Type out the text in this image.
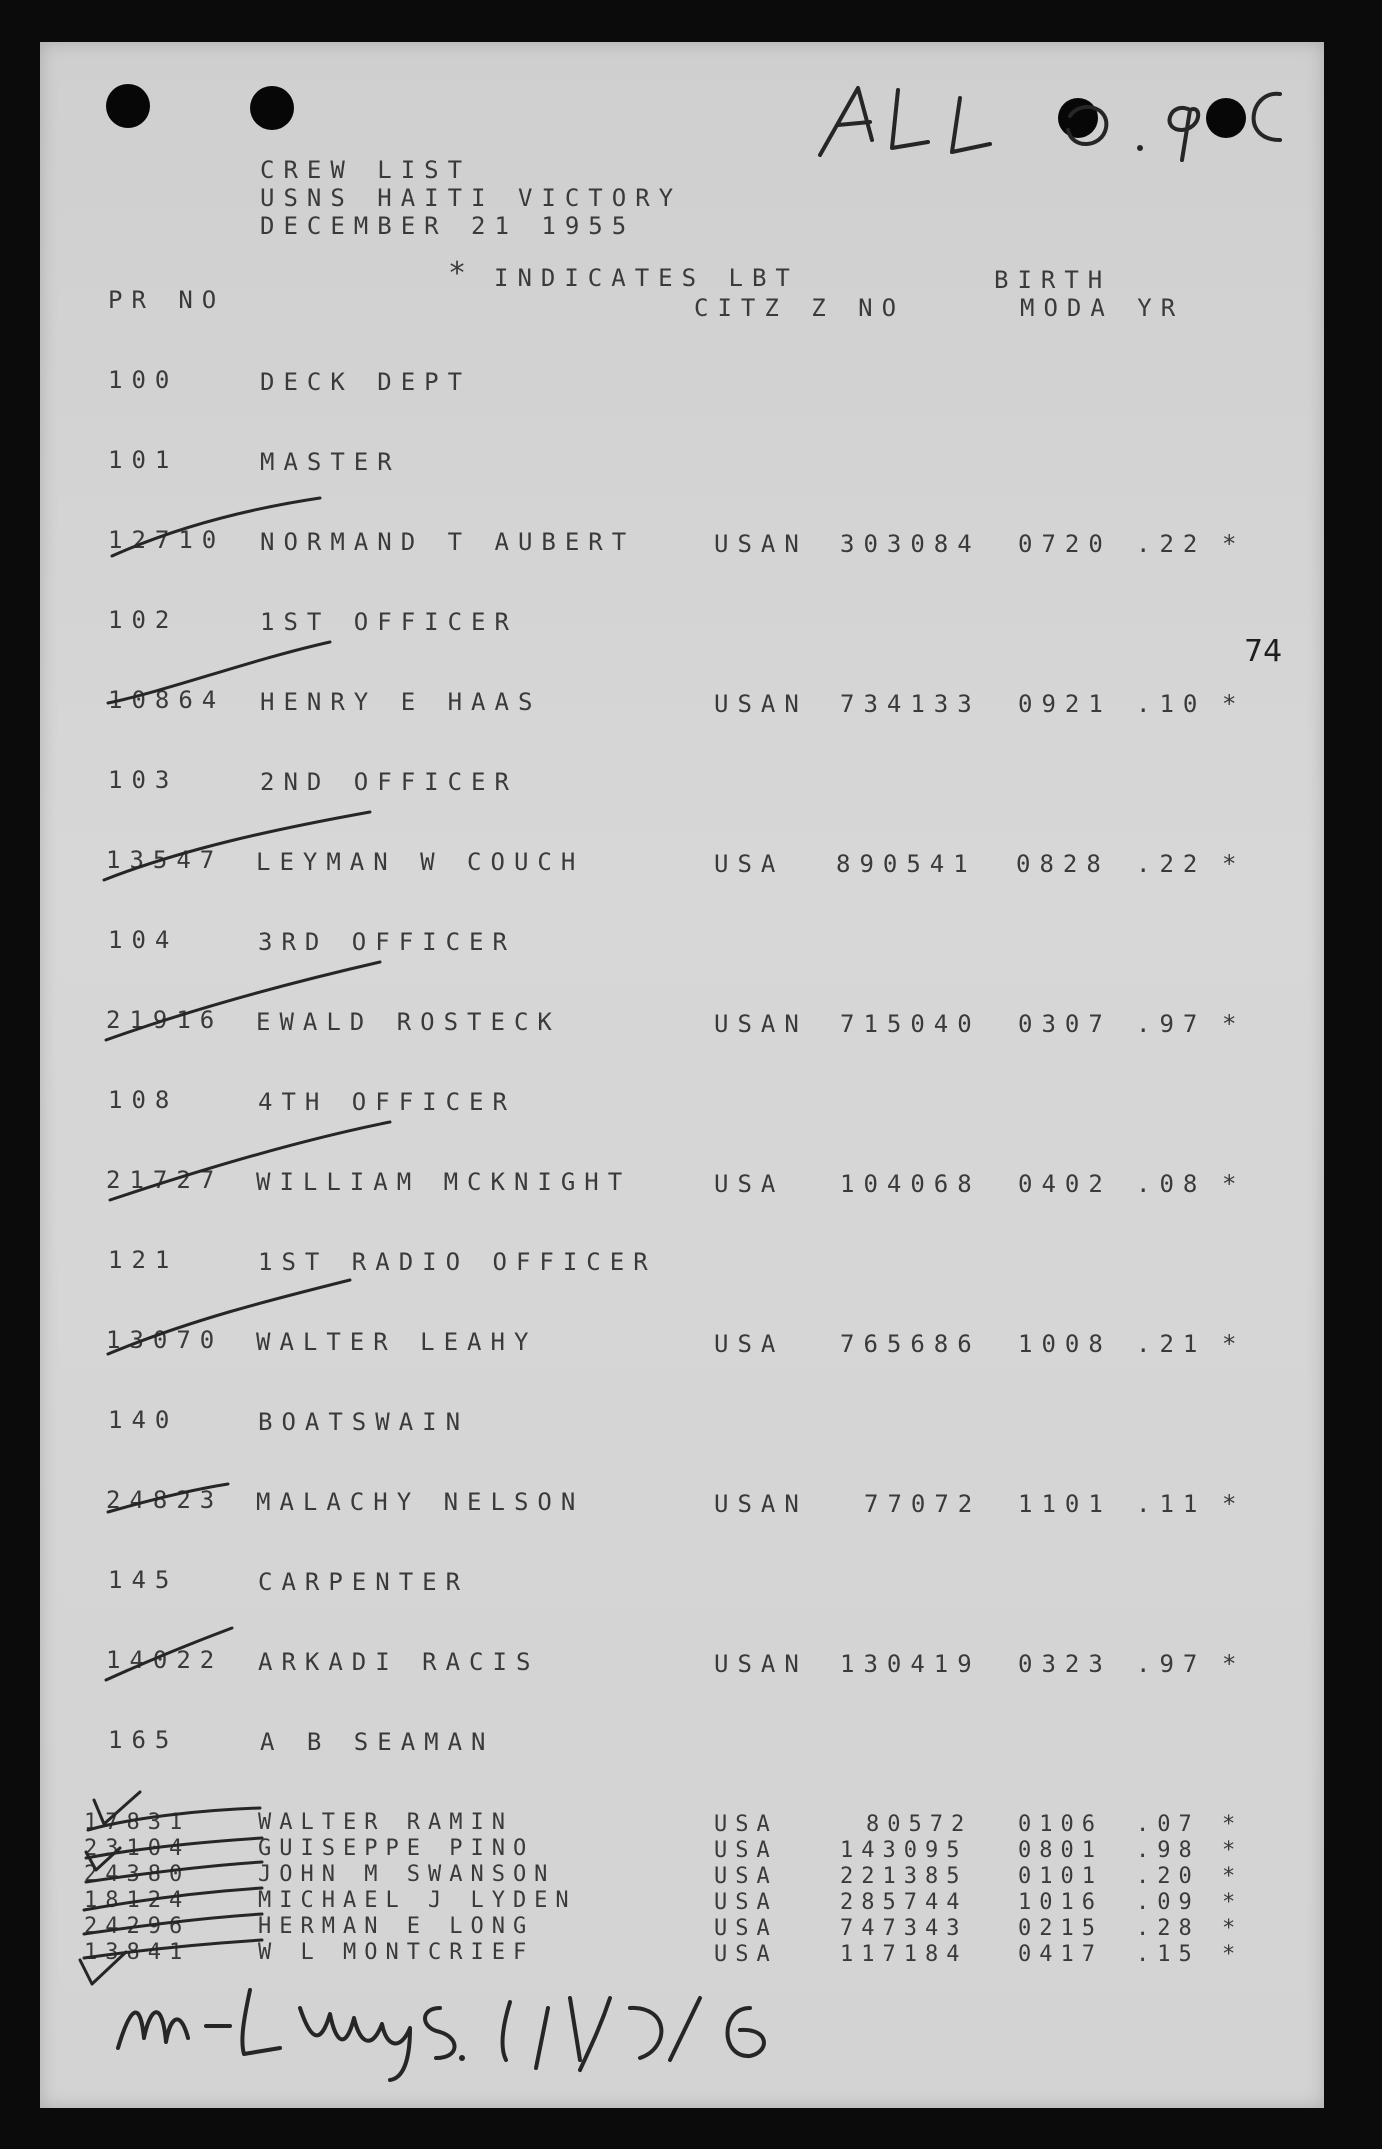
CREW LIST
USNS HAITI VICTORY
DECEMBER 21 1955
* INDICATES LBT	BIRTH
PR NO	CITZ Z NO	MODA YR
74
100	DECK DEPT
101	MASTER
12710 NORMAND T AUBERT	USAN 303084 0720 .22 *
102	1ST OFFICER
10864 HENRY E HAAS	USAN 734133 0921 .10 *
103	2ND OFFICER
13547 LEYMAN W COUCH	USA 890541 0828 .22 *
104	3RD OFFICER
21916 EWALD ROSTECK	USAN 715040 0307 .97 *
108	4TH OFFICER
21727 WILLIAM MCKNIGHT	USA 104068 0402 .08 *
121	1ST RADIO OFFICER
13070 WALTER LEAHY	USA 765686 1008 .21 *
140	BOATSWAIN
24823 MALACHY NELSON	USAN 77072 1101 .11 *
145	CARPENTER
14022 ARKADI RACIS	USAN 130419 0323 .97 *
165	A B SEAMAN
17831	WALTER RAMIN	USA	80572 0106 .07 *
23104	GUISEPPE PINO	USA	143095 0801 .98 *
24380	JOHN M SWANSON	USA	221385 0101 .20 *
18124	MICHAEL J LYDEN	USA	285744 1016 .09 *
24296	HERMAN E LONG	USA	747343 0215 .28 *
13841	W L MONTCRIEF	USA	117184 0417 .15 *
